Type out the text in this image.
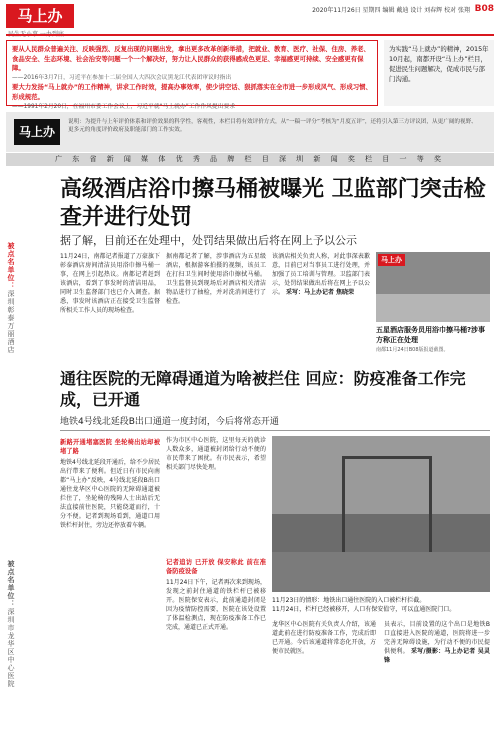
马上办	2020年11月26日 星期四 编辑 戴迪 设计 刘春辉 校对 张翔 B08

要从人民群众普遍关注、反映强烈、反复出现的问题出发，拿出更多改革创新举措，把就业、教育、医疗、社保、住房、养老、食品安全、生态环境、社会治安等问题一个一个解决好，努力让人民群众的获得感成色更足、幸福感更可持续、安全感更有保障。

——2016年3月7日，习近平在参加十二届全国人大四次会议黑龙江代表团审议时指出

要大力发扬“马上就办”的工作精神，讲求工作时效，提高办事效率，使少讲空话、狠抓落实在全市进一步形成风气、形成习惯、形成规范。

——1991年2月20日，在福州市委工作会议上，习近平就“马上就办”工作作风提出要求

为实践“马上就办”的精神，2015年10月起，南都开设“马上办”栏目，促进民生问题解决，促成市民与部门沟通。
马上办
说明：为提升与上年评价体系和评价效果的科学性，客观性，本栏目将有效评价方式，从“一稿一评分”考核为“月度五评”，还将引入第三方评议团，从更广阔的视野、更多元的角度评价政府及职能部门的工作实效。
广 东 省 新 闻 媒 体 优 秀 品 牌 栏 目 深 圳 新 闻 奖 栏 目 一 等 奖
被点名单位：深圳彰泰万丽酒店
被点名单位：深圳市龙华区中心医院
高级酒店浴巾擦马桶被曝光 卫监部门突击检查并进行处罚
据了解，目前还在处理中，处罚结果做出后将在网上予以公示
11月24日，南都记者报道了万豪旗下彰泰酒店房间清洁员用浴巾擦马桶一事，在网上引起热议。南都记者赶到该酒店，看到了事发时的清洁用品，同时卫生监督部门也已介入调查。据悉，事发时该酒店正在接受卫生监督所相关工作人员的现场检查。
据南都记者了解，涉事酒店为五星级酒店，根据游客拍摄的视频，该员工在打扫卫生间时使用浴巾擦拭马桶。卫生监督员到现场后对酒店相关清洁物品进行了抽检，并对洗消间进行了检查。
该酒店相关负责人称，对此事深表歉意，目前已对当事员工进行处理，并加强了员工培训与管理。卫监部门表示，处罚结果做出后将在网上予以公示。 采写：马上办记者 焦晓荣
马上办
五星酒店服务员用浴巾擦马桶?涉事方称正在处理
南都11月24日B08版报道截图。
通往医院的无障碍通道为啥被拦住 回应：防疫准备工作完成，已开通
地铁4号线北延段B出口通道一度封闭，今后将常态开通
新路开通堵塞医院 坐轮椅出站却被堵了路
地铁4号线北延段开通后，给不少居民出行带来了便利。但近日有市民向南都“马上办”反映，4号线北延段B出口通往龙华区中心医院的无障碍通道被拦住了，坐轮椅的残障人士出站后无法直接前往医院，只能绕道而行，十分不便。记者到现场看到，通道口用铁栏杆封住，旁边还停放着车辆。
作为市区中心医院，这里每天的就诊人数众多，通道被封闭给行动不便的市民带来了困扰。有市民表示，希望相关部门尽快处理。
记者追访 已开放 保安称此 前在准备防疫设备
11月24日下午，记者再次来到现场，发现之前封住通道的铁栏杆已被移开。医院保安表示，此前通道封闭是因为疫情防控需要，医院在该处设置了体温检测点，现在防疫准备工作已完成，通道已正式开通。
11月23日的情形：地铁出口通往医院的入口被栏杆拦截。
11月24日，栏杆已经被移开，人口有保安值守，可以直通医院门口。
龙华区中心医院有关负责人介绍，该通道此前在进行防疫准备工作，完成后即已开通。今后该通道将常态化开放，方便市民就医。
员表示，目前设置的这个出口是地铁B口直接进入医院的通道，医院将进一步完善无障碍设施，为行动不便的市民提供便利。 采写/摄影：马上办记者 吴灵锋
